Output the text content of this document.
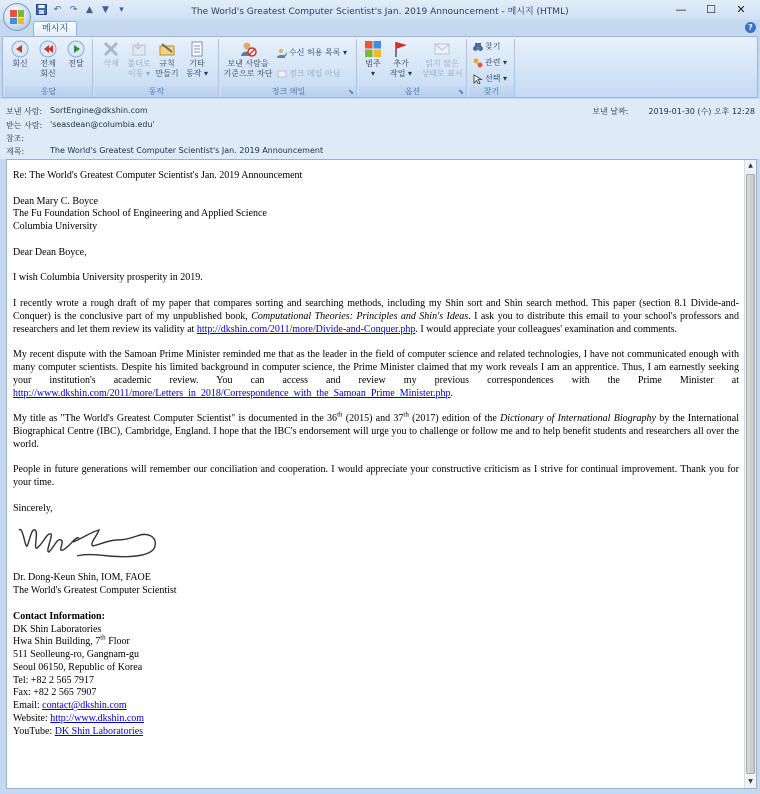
The World's Greatest Computer Scientist's Jan. 2019 Announcement - 메시지 (HTML)	—	☐	✕
↶ ↷ ▲	▼	▾
메시지	?
회신	전체
회신
전달
응답
삭제	폴더로
이동 ▾
규칙
만들기
기타
동작 ▾
동작
보낸 사람을
기준으로 차단
수신 허용 목록 ▾
정크 메일 아님
정크 메일	⬊
범주
▾
추가
작업 ▾
읽지 않은
상태로 표시
옵션	⬊
찾기
관련 ▾
선택 ▾
찾기
보낸 사람: SortEngine@dkshin.com
받는 사람: 'seasdean@columbia.edu'
참조:
제목:	The World's Greatest Computer Scientist's Jan. 2019 Announcement
보낸 날짜:	2019-01-30 (수) 오후 12:28

Re: The World's Greatest Computer Scientist's Jan. 2019 Announcement

Dean Mary C. Boyce
The Fu Foundation School of Engineering and Applied Science
Columbia University

Dear Dean Boyce,

I wish Columbia University prosperity in 2019.

I recently wrote a rough draft of my paper that compares sorting and searching methods, including my Shin sort and Shin search method. This paper (section 8.1 Divide-and-Conquer) is the conclusive part of my unpublished book, Computational Theories: Principles and Shin's Ideas. I ask you to distribute this email to your school's professors and researchers and let them review its validity at http://dkshin.com/2011/more/Divide-and-Conquer.php. I would appreciate your colleagues' examination and comments.

My recent dispute with the Samoan Prime Minister reminded me that as the leader in the field of computer science and related technologies, I have not communicated enough with many computer scientists. Despite his limited background in computer science, the Prime Minister claimed that my work reveals I am an apprentice. Thus, I am earnestly seeking your institution's academic review. You can access and review my previous correspondences with the Prime Minister at http://www.dkshin.com/2011/more/Letters_in_2018/Correspondence_with_the_Samoan_Prime_Minister.php.

My title as "The World's Greatest Computer Scientist" is documented in the 36th (2015) and 37th (2017) edition of the Dictionary of International Biography by the International Biographical Centre (IBC), Cambridge, England. I hope that the IBC's endorsement will urge you to challenge or follow me and to help benefit students and researchers all over the world.

People in future generations will remember our conciliation and cooperation. I would appreciate your constructive criticism as I strive for continual improvement. Thank you for your time.

Sincerely,
Dr. Dong-Keun Shin, IOM, FAOE
The World's Greatest Computer Scientist
Contact Information:
DK Shin Laboratories
Hwa Shin Building, 7th Floor
511 Seolleung-ro, Gangnam-gu
Seoul 06150, Republic of Korea
Tel: +82 2 565 7917
Fax: +82 2 565 7907
Email: contact@dkshin.com
Website: http://www.dkshin.com
YouTube: DK Shin Laboratories
▲
▼
